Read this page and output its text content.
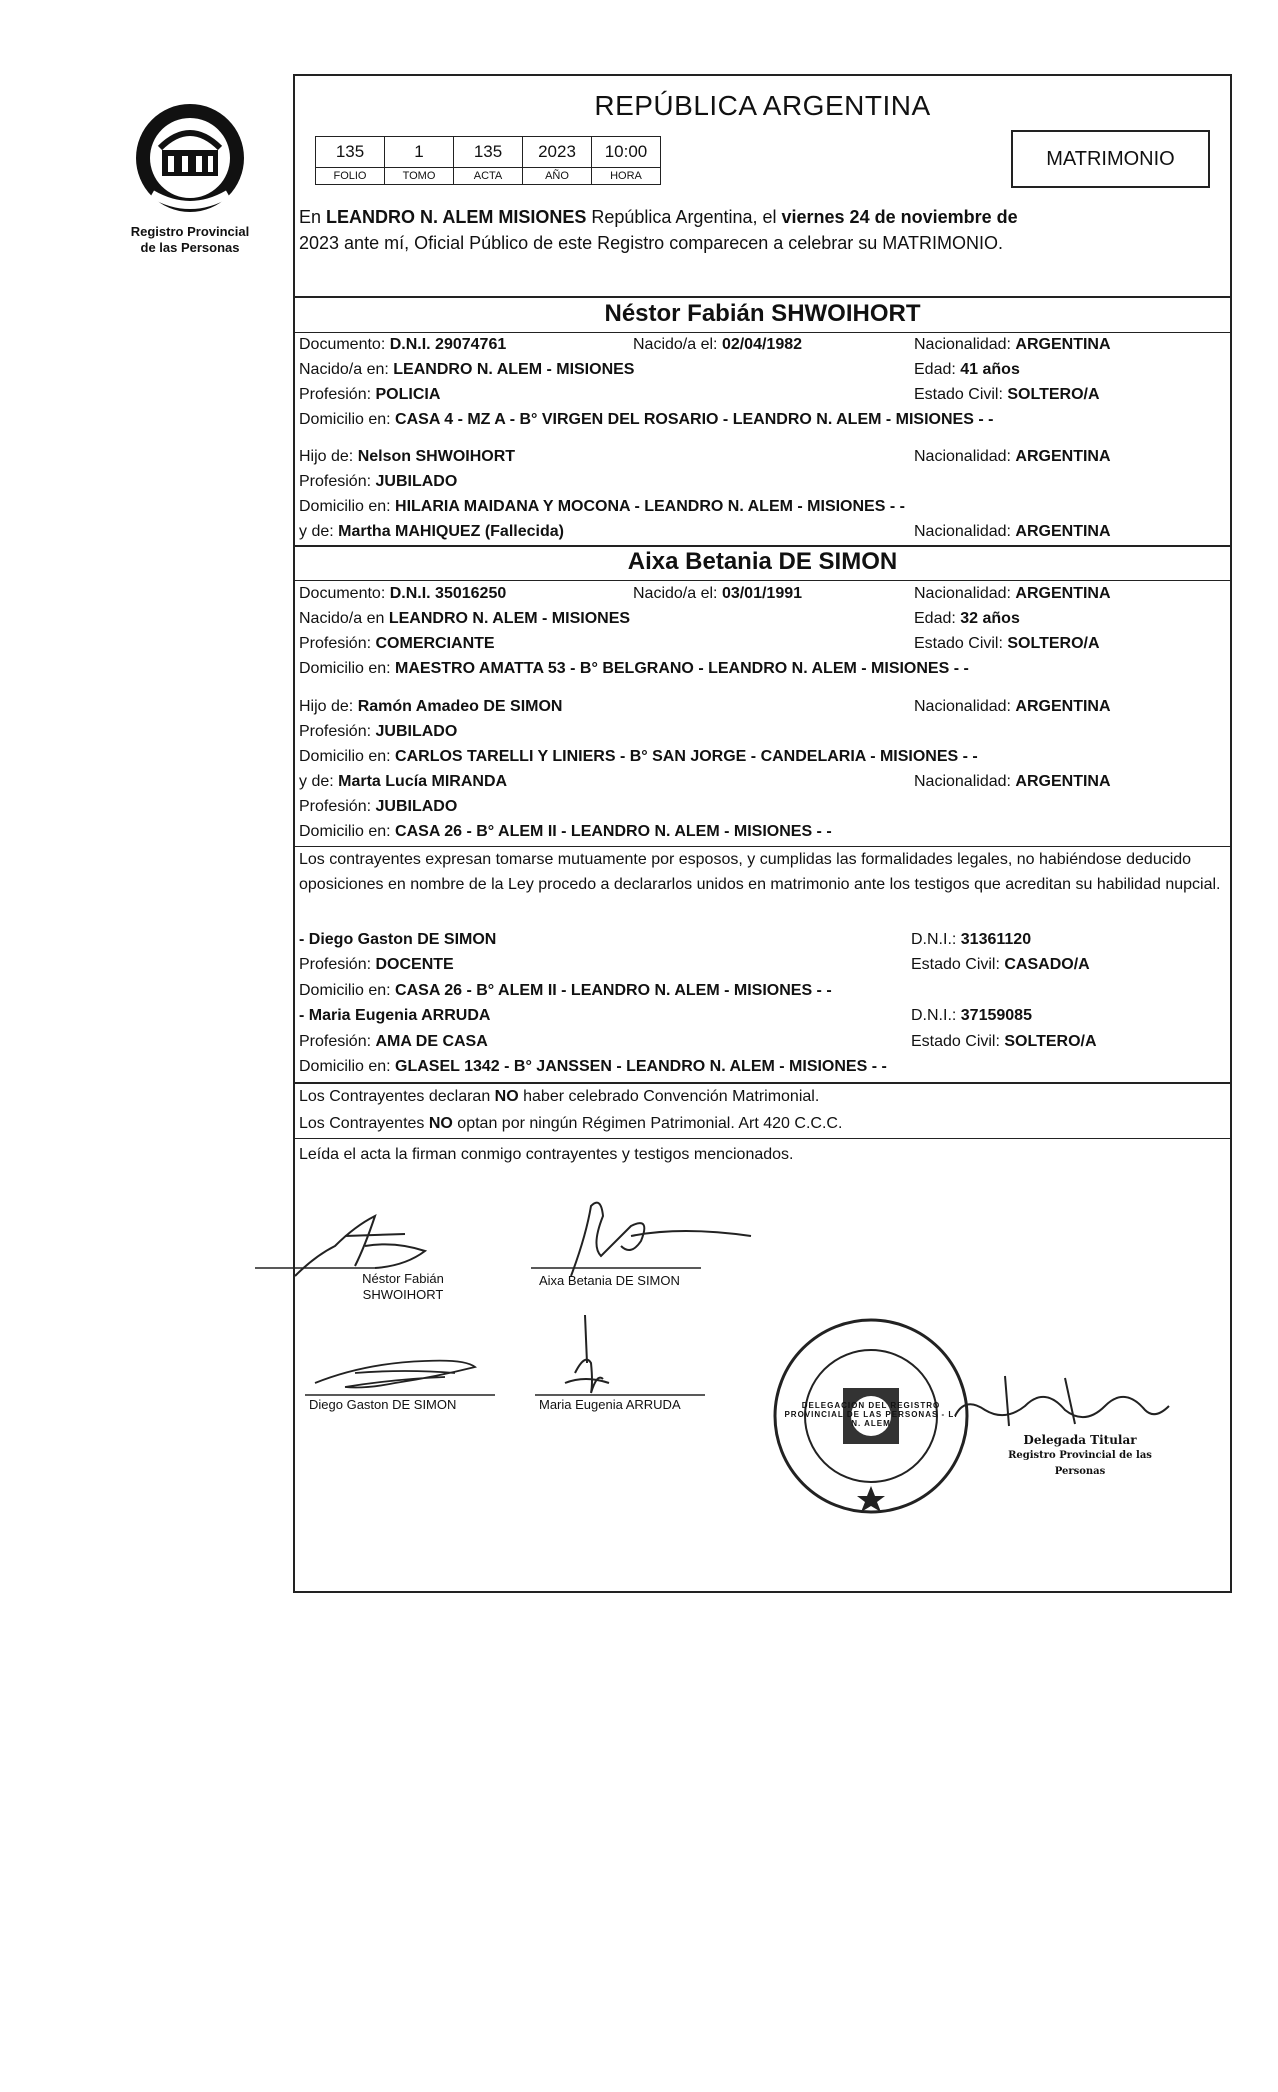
Registro Provincial
de las Personas
REPÚBLICA ARGENTINA
135	1	135	2023	10:00
FOLIO	TOMO	ACTA	AÑO	HORA
MATRIMONIO
En LEANDRO N. ALEM MISIONES República Argentina, el viernes 24 de noviembre de
2023 ante mí, Oficial Público de este Registro comparecen a celebrar su MATRIMONIO.
Néstor Fabián SHWOIHORT
Documento: D.N.I. 29074761	Nacido/a el: 02/04/1982	Nacionalidad: ARGENTINA
Nacido/a en: LEANDRO N. ALEM - MISIONES	Edad: 41 años
Profesión: POLICIA	Estado Civil: SOLTERO/A
Domicilio en: CASA 4 - MZ A - B° VIRGEN DEL ROSARIO - LEANDRO N. ALEM - MISIONES - -
Hijo de: Nelson SHWOIHORT	Nacionalidad: ARGENTINA
Profesión: JUBILADO
Domicilio en: HILARIA MAIDANA Y MOCONA - LEANDRO N. ALEM - MISIONES - -
y de: Martha MAHIQUEZ (Fallecida)	Nacionalidad: ARGENTINA
Aixa Betania DE SIMON
Documento: D.N.I. 35016250	Nacido/a el: 03/01/1991	Nacionalidad: ARGENTINA
Nacido/a en LEANDRO N. ALEM - MISIONES	Edad: 32 años
Profesión: COMERCIANTE	Estado Civil: SOLTERO/A
Domicilio en: MAESTRO AMATTA 53 - B° BELGRANO - LEANDRO N. ALEM - MISIONES - -
Hijo de: Ramón Amadeo DE SIMON	Nacionalidad: ARGENTINA
Profesión: JUBILADO
Domicilio en: CARLOS TARELLI Y LINIERS - B° SAN JORGE - CANDELARIA - MISIONES - -
y de: Marta Lucía MIRANDA	Nacionalidad: ARGENTINA
Profesión: JUBILADO
Domicilio en: CASA 26 - B° ALEM II - LEANDRO N. ALEM - MISIONES - -
Los contrayentes expresan tomarse mutuamente por esposos, y cumplidas las formalidades legales, no habiéndose deducido oposiciones en nombre de la Ley procedo a declararlos unidos en matrimonio ante los testigos que acreditan su habilidad nupcial.
- Diego Gaston DE SIMON	D.N.I.: 31361120
Profesión: DOCENTE	Estado Civil: CASADO/A
Domicilio en: CASA 26 - B° ALEM II - LEANDRO N. ALEM - MISIONES - -
- Maria Eugenia ARRUDA	D.N.I.: 37159085
Profesión: AMA DE CASA	Estado Civil: SOLTERO/A
Domicilio en: GLASEL 1342 - B° JANSSEN - LEANDRO N. ALEM - MISIONES - -
Los Contrayentes declaran NO haber celebrado Convención Matrimonial.
Los Contrayentes NO optan por ningún Régimen Patrimonial. Art 420 C.C.C.
Leída el acta la firman conmigo contrayentes y testigos mencionados.
Néstor Fabián
SHWOIHORT
Aixa Betania DE SIMON
Diego Gaston DE SIMON	Maria Eugenia ARRUDA	DELEGACION DEL REGISTRO PROVINCIAL DE LAS PERSONAS - L. N. ALEM
Delegada Titular
Registro Provincial de las Personas
